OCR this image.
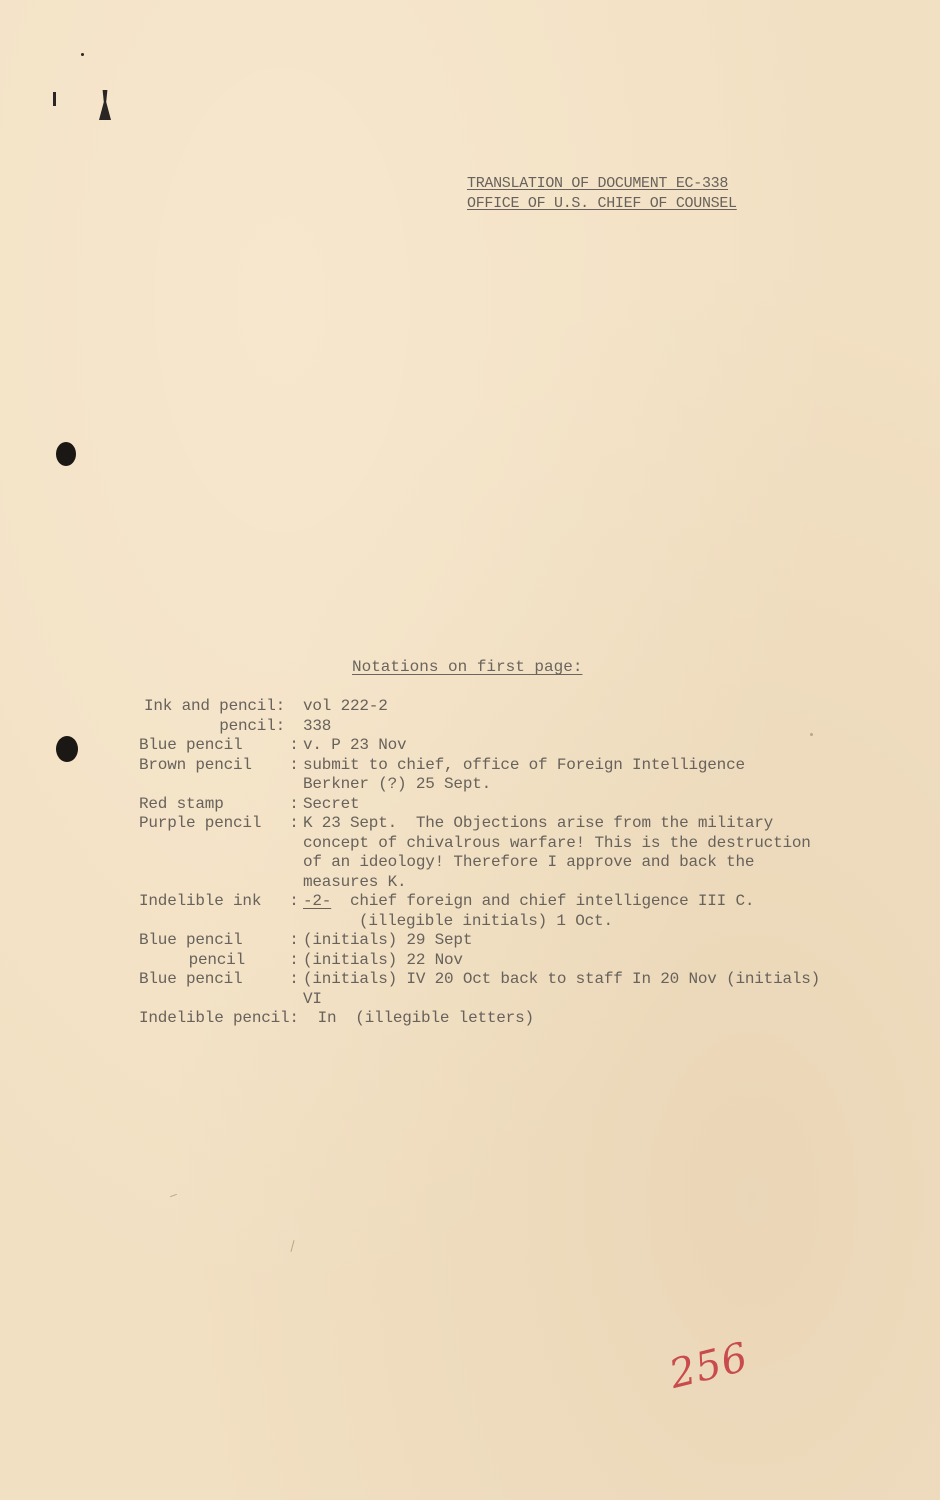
TRANSLATION OF DOCUMENT EC-338
OFFICE OF U.S. CHIEF OF COUNSEL
Notations on first page:
Ink and pencil: vol 222-2
pencil: 338
Blue pencil	: v. P 23 Nov
Brown pencil	: submit to chief, office of Foreign Intelligence
Berkner (?) 25 Sept.
Red stamp	: Secret
Purple pencil	: K 23 Sept.  The Objections arise from the military
concept of chivalrous warfare! This is the destruction
of an ideology! Therefore I approve and back the
measures K.
Indelible ink	: -2-  chief foreign and chief intelligence III C.
(illegible initials) 1 Oct.
Blue pencil	: (initials) 29 Sept
pencil	: (initials) 22 Nov
Blue pencil	: (initials) IV 20 Oct back to staff In 20 Nov (initials)
VI
Indelible pencil: In  (illegible letters)
256
